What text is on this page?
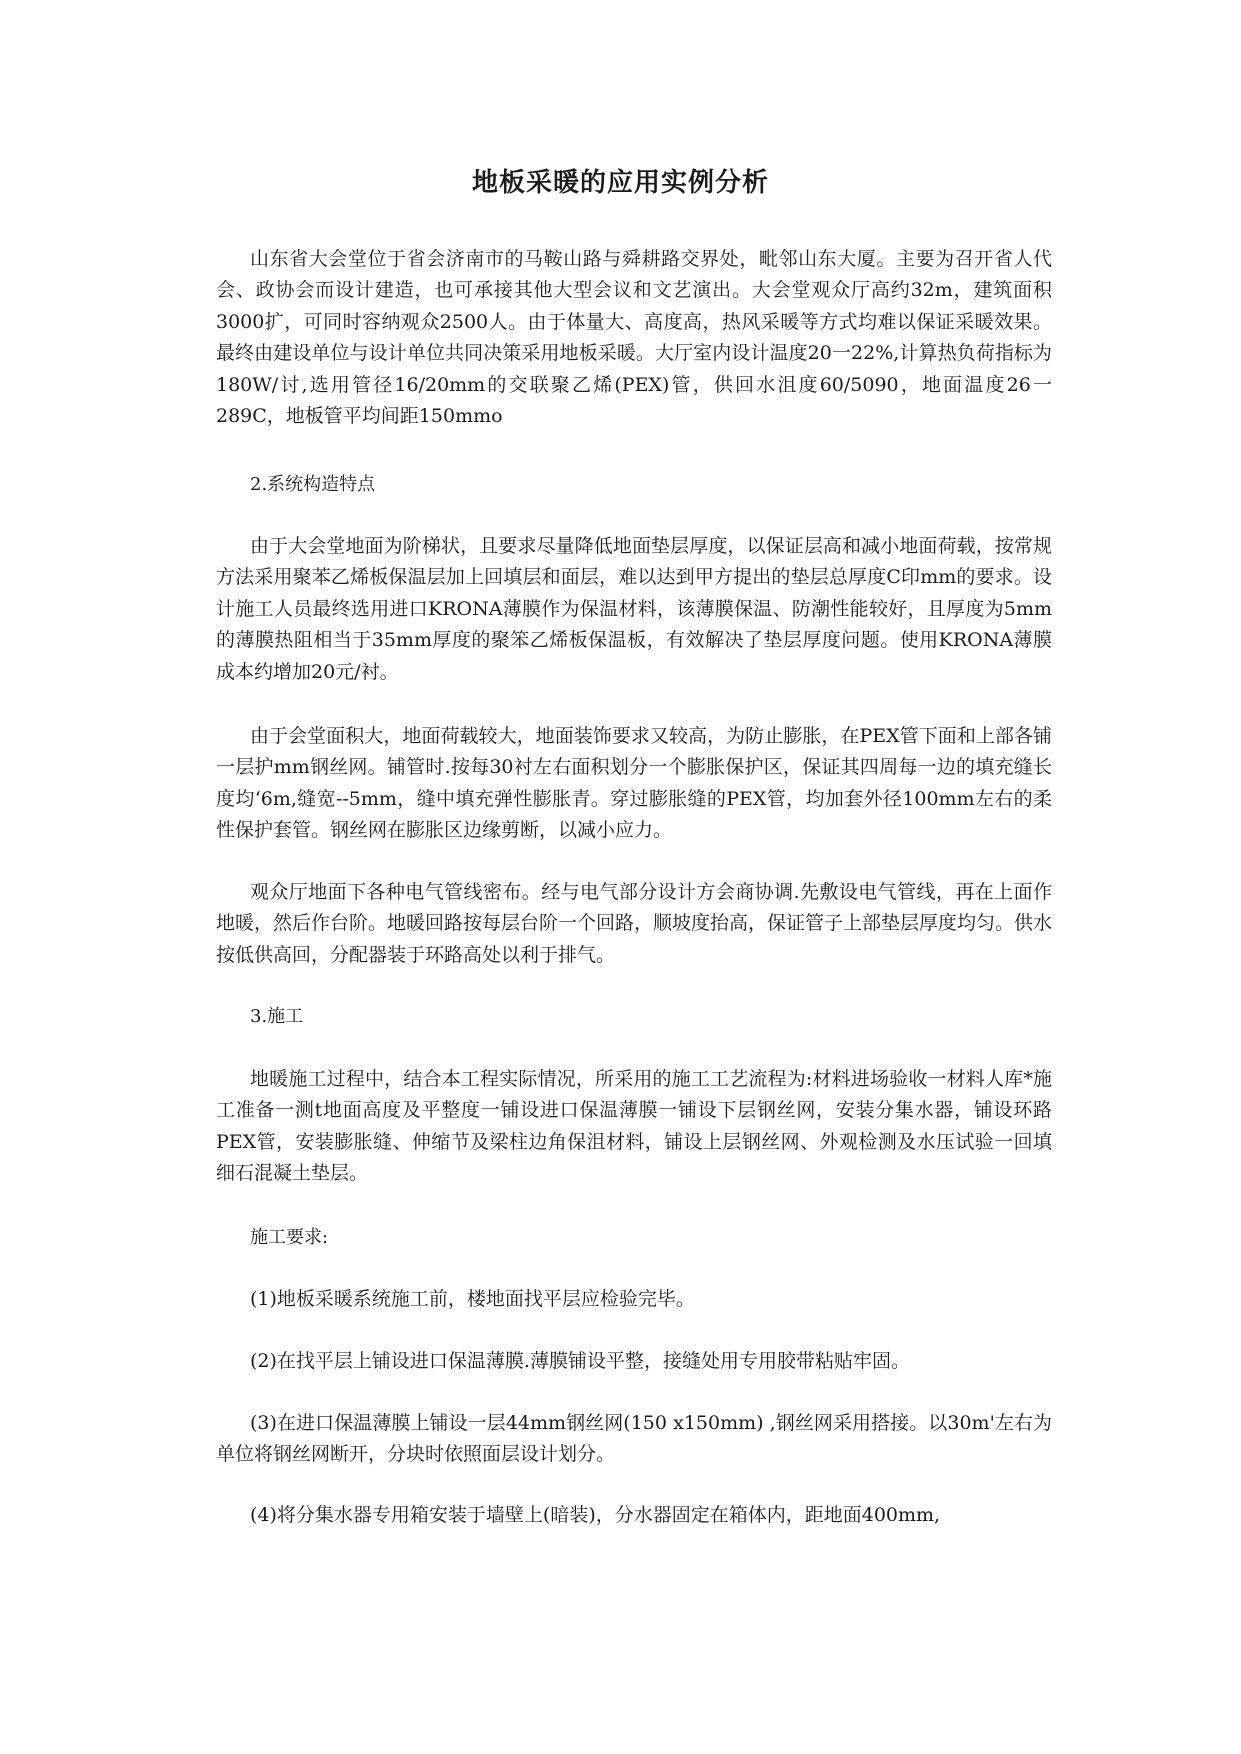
地板采暖的应用实例分析

山东省大会堂位于省会济南市的马鞍山路与舜耕路交界处，毗邻山东大厦。主要为召开省人代会、政协会而设计建造，也可承接其他大型会议和文艺演出。大会堂观众厅高约32m，建筑面积3000扩，可同时容纳观众2500人。由于体量大、高度高，热风采暖等方式均难以保证采暖效果。最终由建设单位与设计单位共同决策采用地板采暖。大厅室内设计温度20一22%,计算热负荷指标为180W/讨,选用管径16/20mm的交联聚乙烯(PEX)管，供回水沮度60/5090，地面温度26一289C，地板管平均间距150mmo

2.系统构造特点

由于大会堂地面为阶梯状，且要求尽量降低地面垫层厚度，以保证层高和减小地面荷载，按常规方法采用聚苯乙烯板保温层加上回填层和面层，难以达到甲方提出的垫层总厚度C印mm的要求。设计施工人员最终选用进口KRONA薄膜作为保温材料，该薄膜保温、防潮性能较好，且厚度为5mm的薄膜热阻相当于35mm厚度的聚笨乙烯板保温板，有效解决了垫层厚度问题。使用KRONA薄膜成本约增加20元/衬。

由于会堂面积大，地面荷载较大，地面装饰要求又较高，为防止膨胀，在PEX管下面和上部各铺一层护mm钢丝网。铺管时.按每30衬左右面积划分一个膨胀保护区，保证其四周每一边的填充缝长度均‘6m,缝宽--5mm，缝中填充弹性膨胀青。穿过膨胀缝的PEX管，均加套外径100mm左右的柔性保护套管。钢丝网在膨胀区边缘剪断，以减小应力。

观众厅地面下各种电气管线密布。经与电气部分设计方会商协调.先敷设电气管线，再在上面作地暖，然后作台阶。地暖回路按每层台阶一个回路，顺坡度抬高，保证管子上部垫层厚度均匀。供水按低供高回，分配器装于环路高处以利于排气。

3.施工

地暖施工过程中，结合本工程实际情况，所采用的施工工艺流程为:材料进场验收一材料人库*施工准备一测t地面高度及平整度一铺设进口保温薄膜一铺设下层钢丝网，安装分集水器，铺设环路PEX管，安装膨胀缝、伸缩节及梁柱边角保沮材料，铺设上层钢丝网、外观检测及水压试验一回填细石混凝土垫层。

施工要求:

(1)地板采暖系统施工前，楼地面找平层应检验完毕。

(2)在找平层上铺设进口保温薄膜.薄膜铺设平整，接缝处用专用胶带粘贴牢固。

(3)在进口保温薄膜上铺设一层44mm钢丝网(150 x150mm) ,钢丝网采用搭接。以30m'左右为单位将钢丝网断开，分块时依照面层设计划分。

(4)将分集水器专用箱安装于墙壁上(暗装)，分水器固定在箱体内，距地面400mm,
